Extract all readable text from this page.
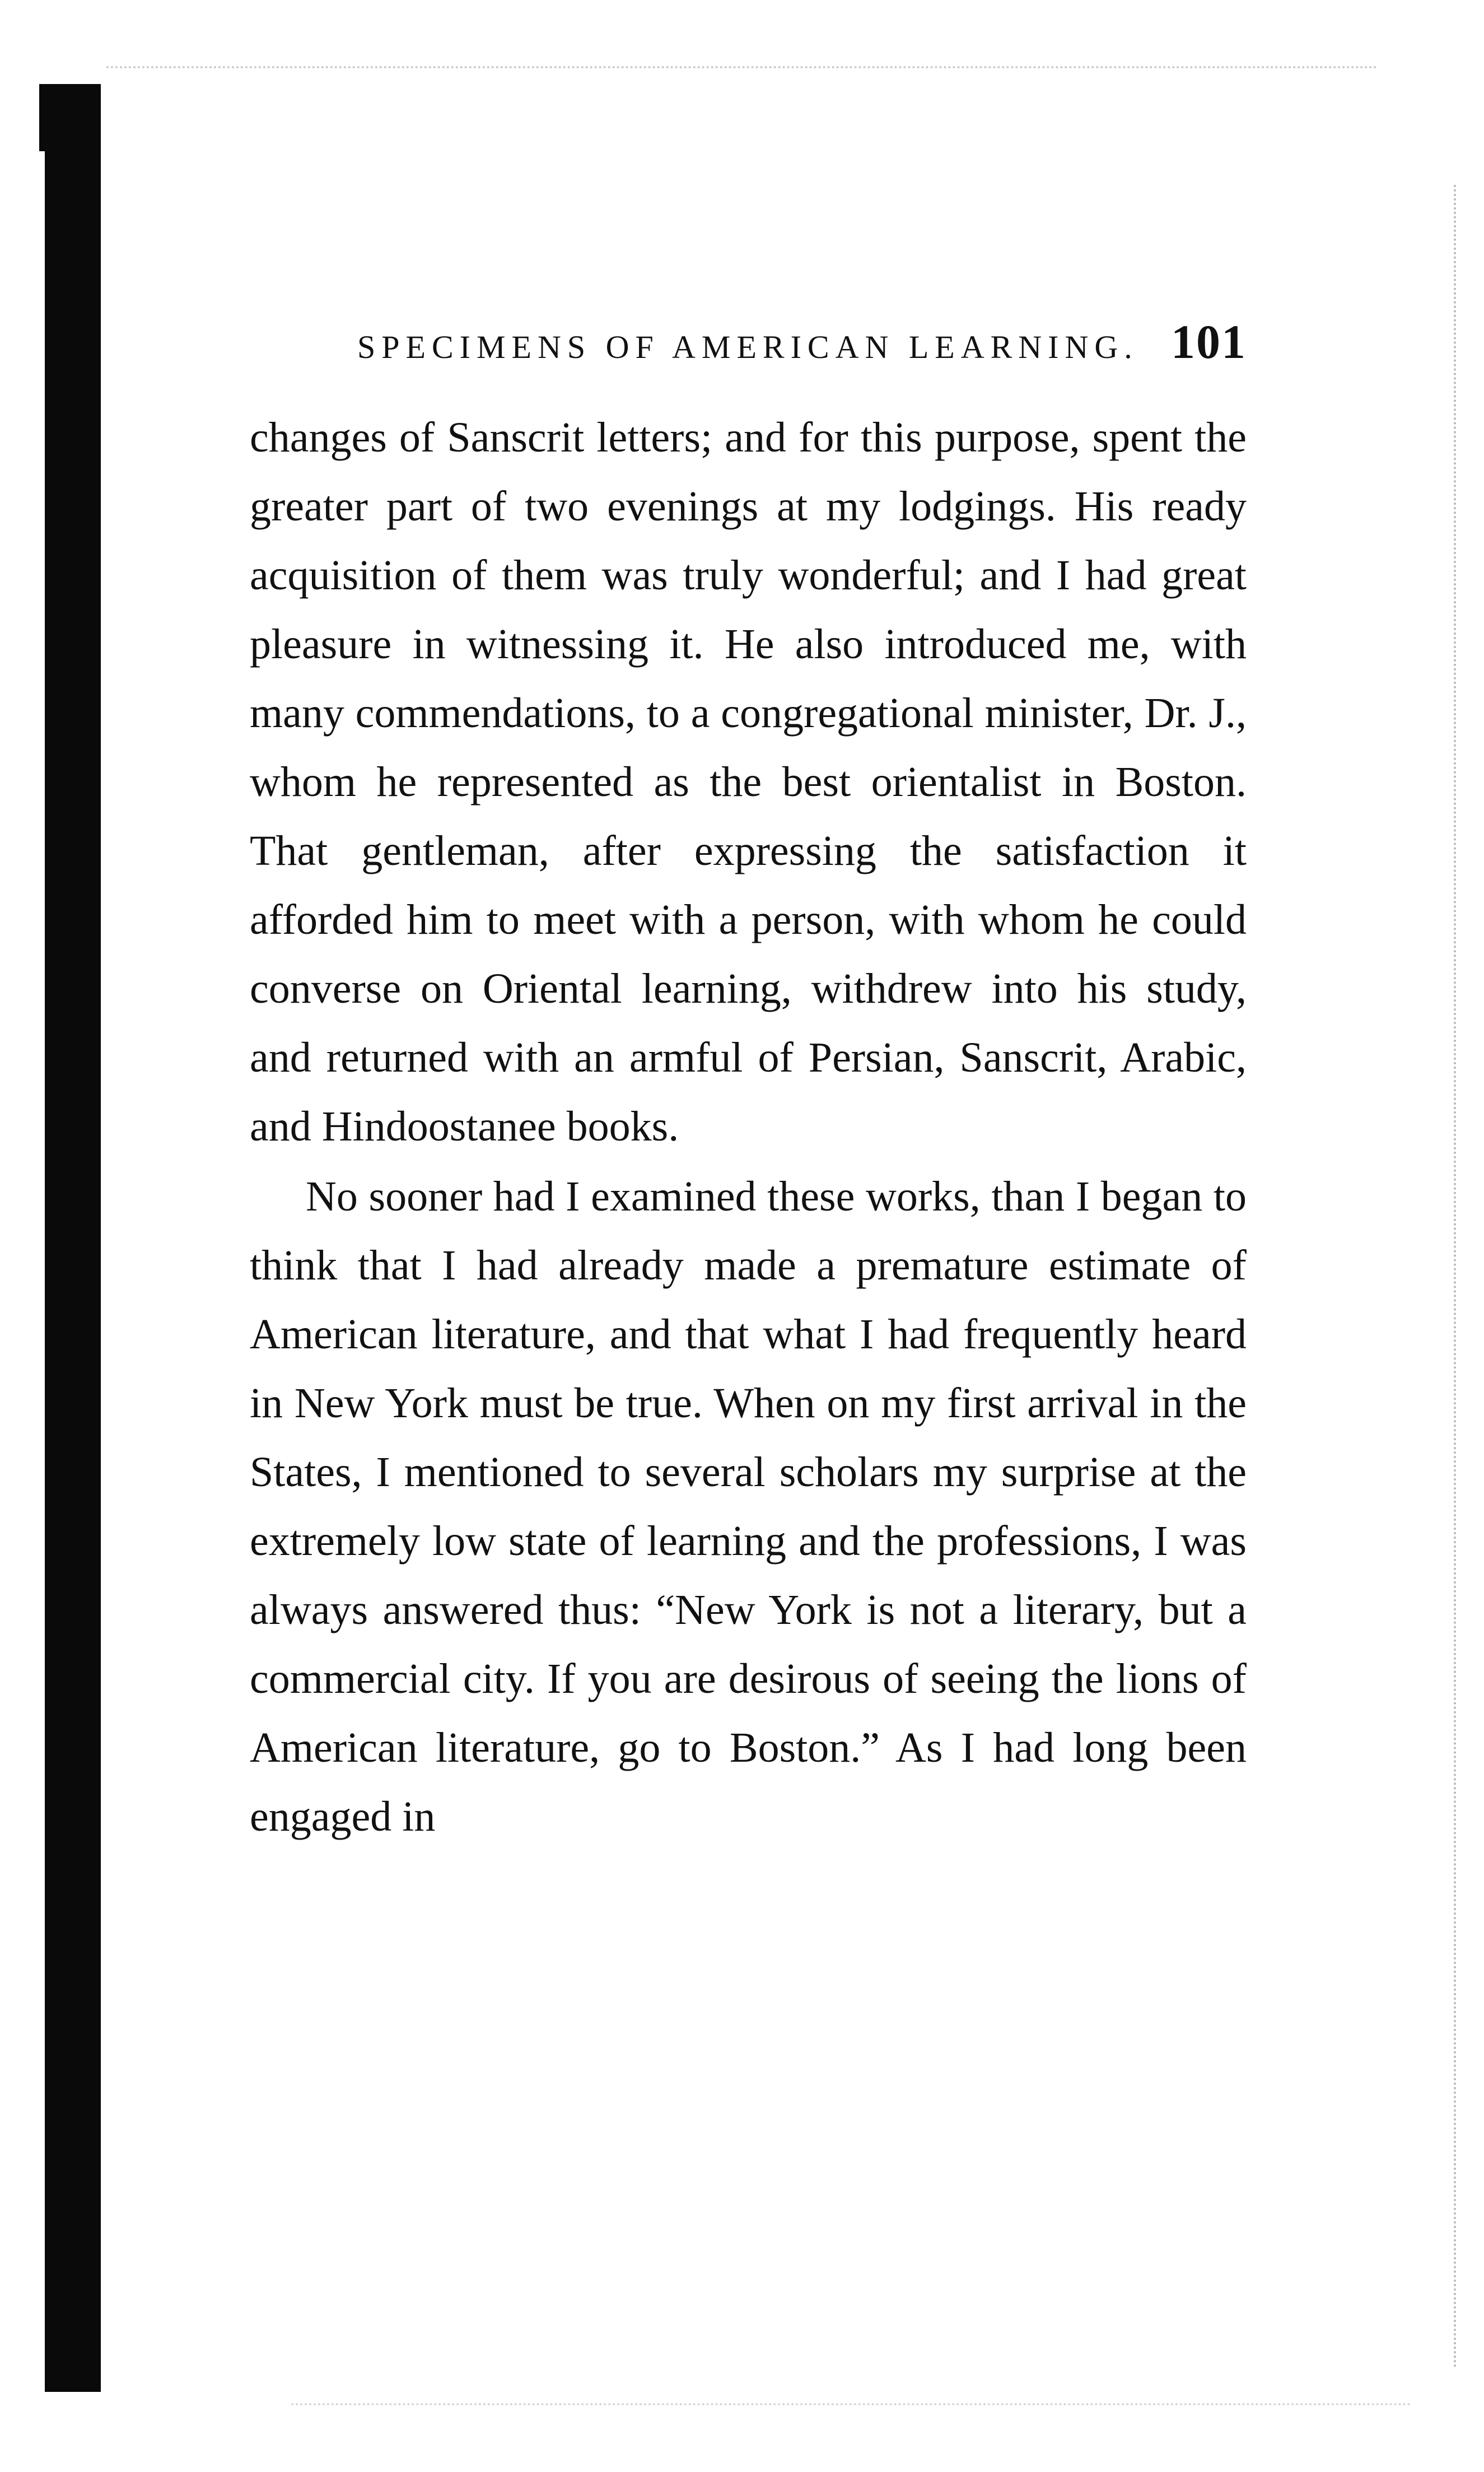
SPECIMENS OF AMERICAN LEARNING. 101

changes of Sanscrit letters; and for this purpose, spent the greater part of two evenings at my lodgings. His ready acquisition of them was truly wonderful; and I had great pleasure in witnessing it. He also introduced me, with many commendations, to a congregational minister, Dr. J., whom he represented as the best orientalist in Boston. That gentleman, after expressing the satisfaction it afforded him to meet with a person, with whom he could converse on Oriental learning, withdrew into his study, and returned with an armful of Persian, Sanscrit, Arabic, and Hindoostanee books.

No sooner had I examined these works, than I began to think that I had already made a premature estimate of American literature, and that what I had frequently heard in New York must be true. When on my first arrival in the States, I mentioned to several scholars my surprise at the extremely low state of learning and the professions, I was always answered thus: “New York is not a literary, but a commercial city. If you are desirous of seeing the lions of American literature, go to Boston.” As I had long been engaged in
